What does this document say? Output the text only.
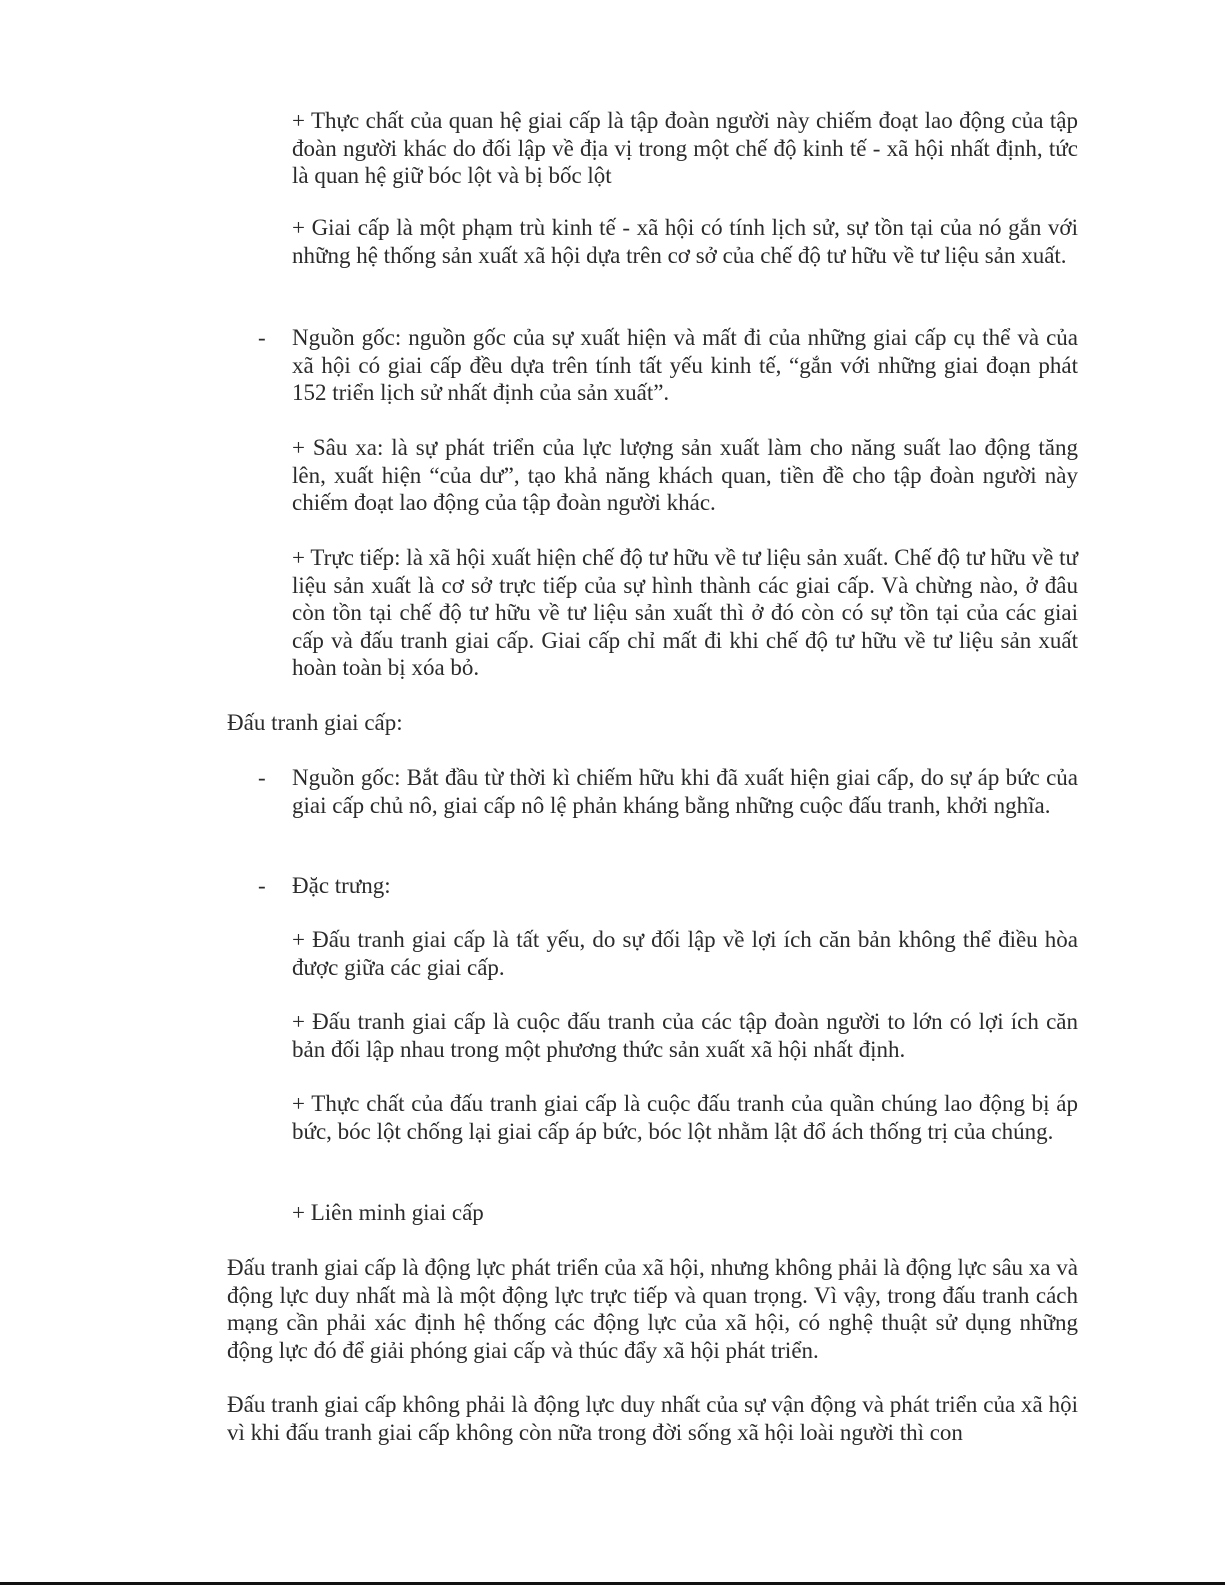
+ Thực chất của quan hệ giai cấp là tập đoàn người này chiếm đoạt lao động của tập đoàn người khác do đối lập về địa vị trong một chế độ kinh tế - xã hội nhất định, tức là quan hệ giữ bóc lột và bị bốc lột

+ Giai cấp là một phạm trù kinh tế - xã hội có tính lịch sử, sự tồn tại của nó gắn với những hệ thống sản xuất xã hội dựa trên cơ sở của chế độ tư hữu về tư liệu sản xuất.

- Nguồn gốc: nguồn gốc của sự xuất hiện và mất đi của những giai cấp cụ thể và của xã hội có giai cấp đều dựa trên tính tất yếu kinh tế, “gắn với những giai đoạn phát 152 triển lịch sử nhất định của sản xuất”.

+ Sâu xa: là sự phát triển của lực lượng sản xuất làm cho năng suất lao động tăng lên, xuất hiện “của dư”, tạo khả năng khách quan, tiền đề cho tập đoàn người này chiếm đoạt lao động của tập đoàn người khác.

+ Trực tiếp: là xã hội xuất hiện chế độ tư hữu về tư liệu sản xuất. Chế độ tư hữu về tư liệu sản xuất là cơ sở trực tiếp của sự hình thành các giai cấp. Và chừng nào, ở đâu còn tồn tại chế độ tư hữu về tư liệu sản xuất thì ở đó còn có sự tồn tại của các giai cấp và đấu tranh giai cấp. Giai cấp chỉ mất đi khi chế độ tư hữu về tư liệu sản xuất hoàn toàn bị xóa bỏ.

Đấu tranh giai cấp:

- Nguồn gốc: Bắt đầu từ thời kì chiếm hữu khi đã xuất hiện giai cấp, do sự áp bức của giai cấp chủ nô, giai cấp nô lệ phản kháng bằng những cuộc đấu tranh, khởi nghĩa.

- Đặc trưng:

+ Đấu tranh giai cấp là tất yếu, do sự đối lập về lợi ích căn bản không thể điều hòa được giữa các giai cấp.

+ Đấu tranh giai cấp là cuộc đấu tranh của các tập đoàn người to lớn có lợi ích căn bản đối lập nhau trong một phương thức sản xuất xã hội nhất định.

+ Thực chất của đấu tranh giai cấp là cuộc đấu tranh của quần chúng lao động bị áp bức, bóc lột chống lại giai cấp áp bức, bóc lột nhằm lật đổ ách thống trị của chúng.

+ Liên minh giai cấp

Đấu tranh giai cấp là động lực phát triển của xã hội, nhưng không phải là động lực sâu xa và động lực duy nhất mà là một động lực trực tiếp và quan trọng. Vì vậy, trong đấu tranh cách mạng cần phải xác định hệ thống các động lực của xã hội, có nghệ thuật sử dụng những động lực đó để giải phóng giai cấp và thúc đẩy xã hội phát triển.

Đấu tranh giai cấp không phải là động lực duy nhất của sự vận động và phát triển của xã hội vì khi đấu tranh giai cấp không còn nữa trong đời sống xã hội loài người thì con
